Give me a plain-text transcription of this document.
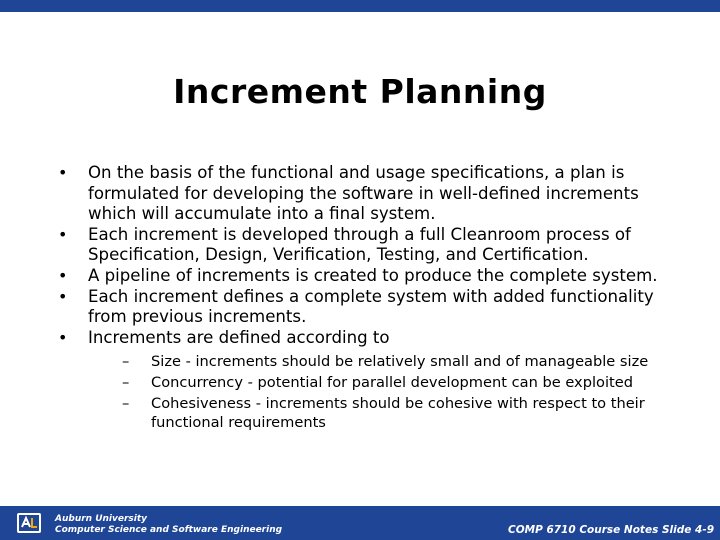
Increment Planning
• On the basis of the functional and usage specifications, a plan is formulated for developing the software in well-defined increments which will accumulate into a final system.
• Each increment is developed through a full Cleanroom process of Specification, Design, Verification, Testing, and Certification.
• A pipeline of increments is created to produce the complete system.
• Each increment defines a complete system with added functionality from previous increments.
• Increments are defined according to
– Size - increments should be relatively small and of manageable size
– Concurrency - potential for parallel development can be exploited
– Cohesiveness - increments should be cohesive with respect to their functional requirements
Auburn University
Computer Science and Software Engineering	COMP 6710 Course Notes Slide 4-9
